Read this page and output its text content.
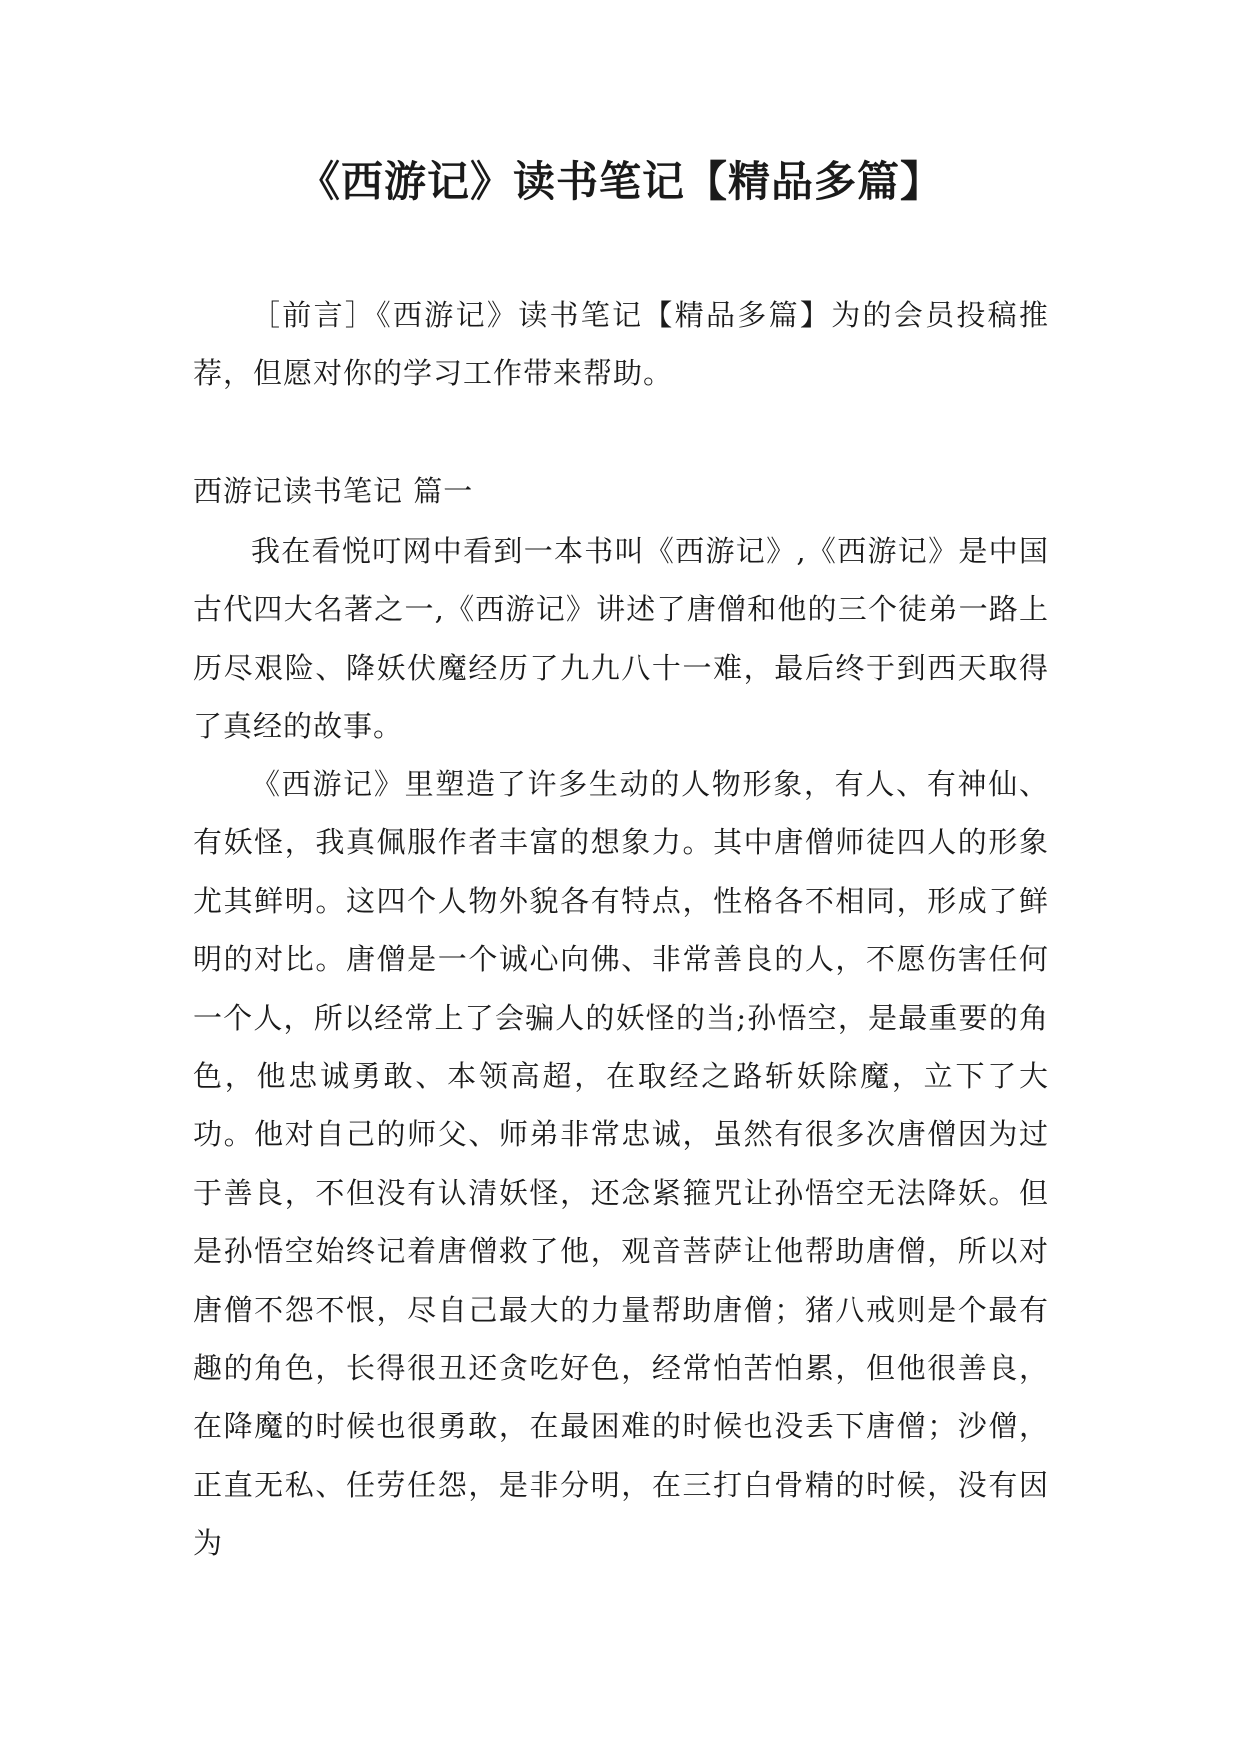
《西游记》读书笔记【精品多篇】

［前言］《西游记》读书笔记【精品多篇】为的会员投稿推荐，但愿对你的学习工作带来帮助。

西游记读书笔记 篇一

我在看悦叮网中看到一本书叫《西游记》,《西游记》是中国古代四大名著之一,《西游记》讲述了唐僧和他的三个徒弟一路上历尽艰险、降妖伏魔经历了九九八十一难，最后终于到西天取得了真经的故事。

《西游记》里塑造了许多生动的人物形象，有人、有神仙、有妖怪，我真佩服作者丰富的想象力。其中唐僧师徒四人的形象尤其鲜明。这四个人物外貌各有特点，性格各不相同，形成了鲜明的对比。唐僧是一个诚心向佛、非常善良的人，不愿伤害任何一个人，所以经常上了会骗人的妖怪的当;孙悟空，是最重要的角色，他忠诚勇敢、本领高超，在取经之路斩妖除魔，立下了大功。他对自己的师父、师弟非常忠诚，虽然有很多次唐僧因为过于善良，不但没有认清妖怪，还念紧箍咒让孙悟空无法降妖。但是孙悟空始终记着唐僧救了他，观音菩萨让他帮助唐僧，所以对唐僧不怨不恨，尽自己最大的力量帮助唐僧；猪八戒则是个最有趣的角色，长得很丑还贪吃好色，经常怕苦怕累，但他很善良，在降魔的时候也很勇敢，在最困难的时候也没丢下唐僧；沙僧，正直无私、任劳任怨，是非分明，在三打白骨精的时候，没有因为
